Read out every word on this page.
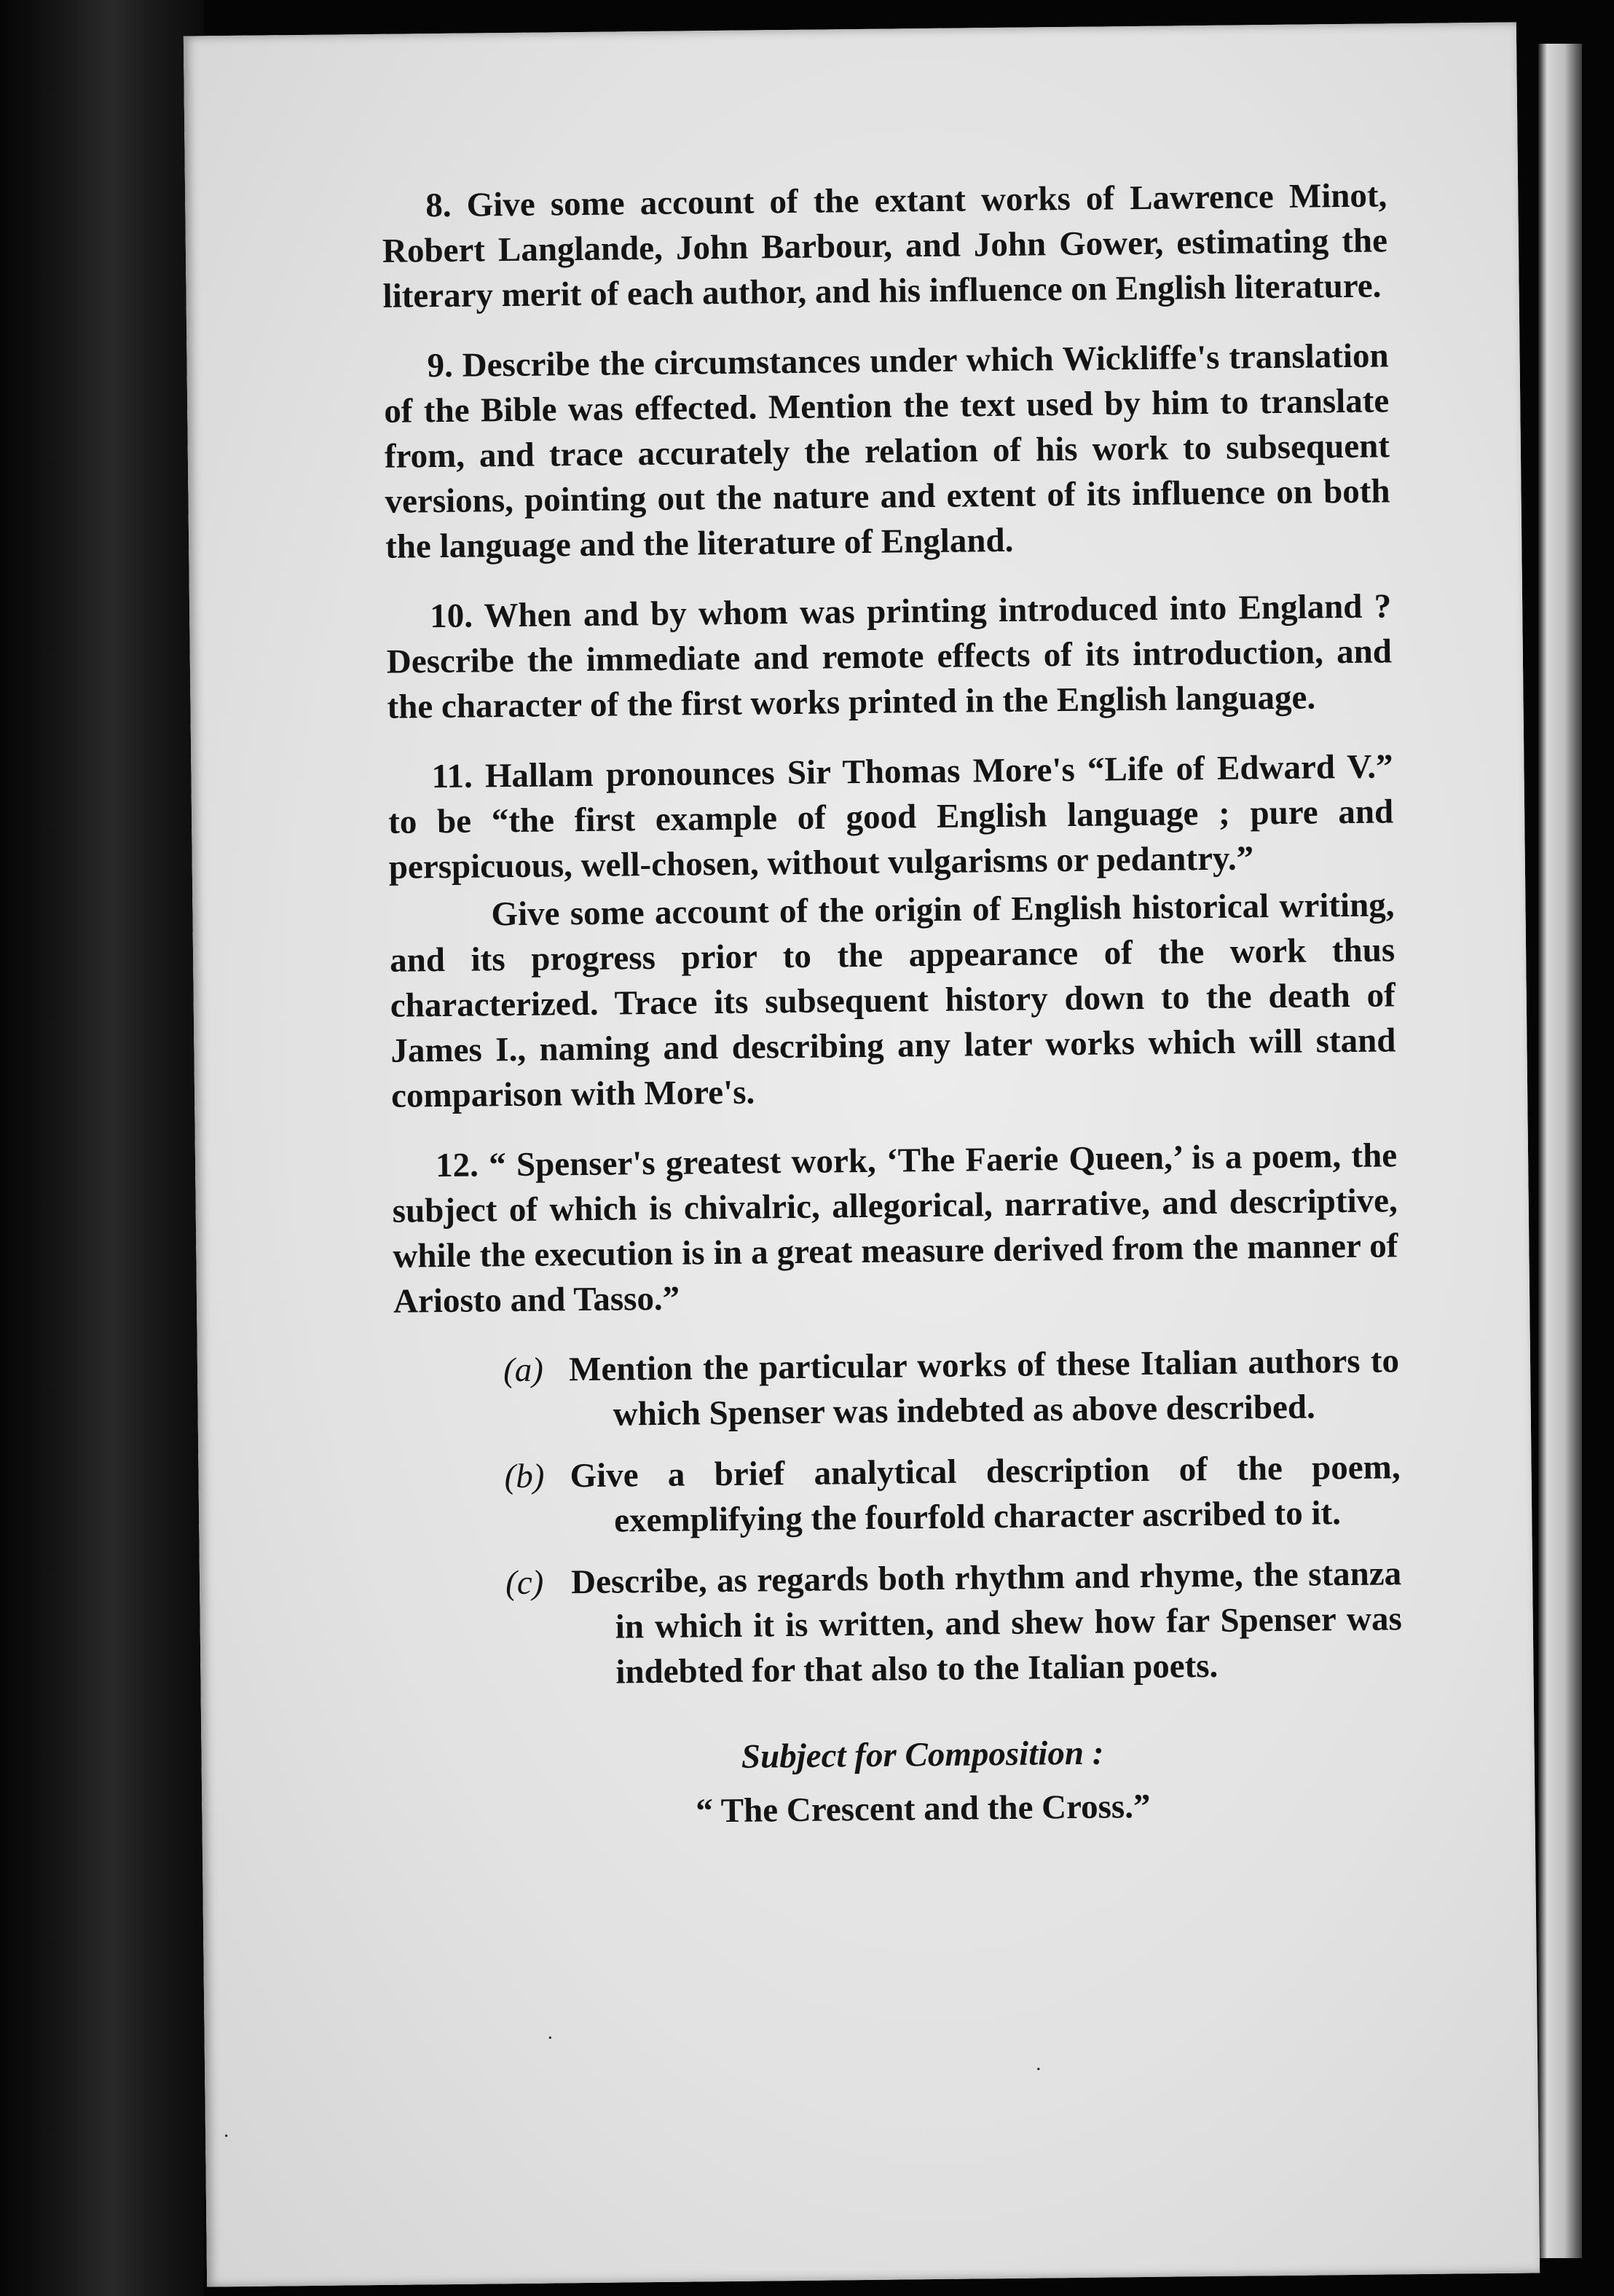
8. Give some account of the extant works of Lawrence Minot, Robert Langlande, John Barbour, and John Gower, estimating the literary merit of each author, and his influence on English literature.

9. Describe the circumstances under which Wickliffe's translation of the Bible was effected. Mention the text used by him to translate from, and trace accurately the relation of his work to subsequent versions, pointing out the nature and extent of its influence on both the language and the literature of England.

10. When and by whom was printing introduced into England ? Describe the immediate and remote effects of its introduction, and the character of the first works printed in the English language.

11. Hallam pronounces Sir Thomas More's “Life of Edward V.” to be “the first example of good English language ; pure and perspicuous, well-chosen, without vulgarisms or pedantry.”

Give some account of the origin of English historical writing, and its progress prior to the appearance of the work thus characterized. Trace its subsequent history down to the death of James I., naming and describing any later works which will stand comparison with More's.

12. “ Spenser's greatest work, ‘The Faerie Queen,’ is a poem, the subject of which is chivalric, allegorical, narrative, and descriptive, while the execution is in a great measure derived from the manner of Ariosto and Tasso.”

(a) Mention the particular works of these Italian authors to which Spenser was indebted as above described.
(b) Give a brief analytical description of the poem, exemplifying the fourfold character ascribed to it.
(c) Describe, as regards both rhythm and rhyme, the stanza in which it is written, and shew how far Spenser was indebted for that also to the Italian poets.
Subject for Composition :
“ The Crescent and the Cross.”
·
·
·
